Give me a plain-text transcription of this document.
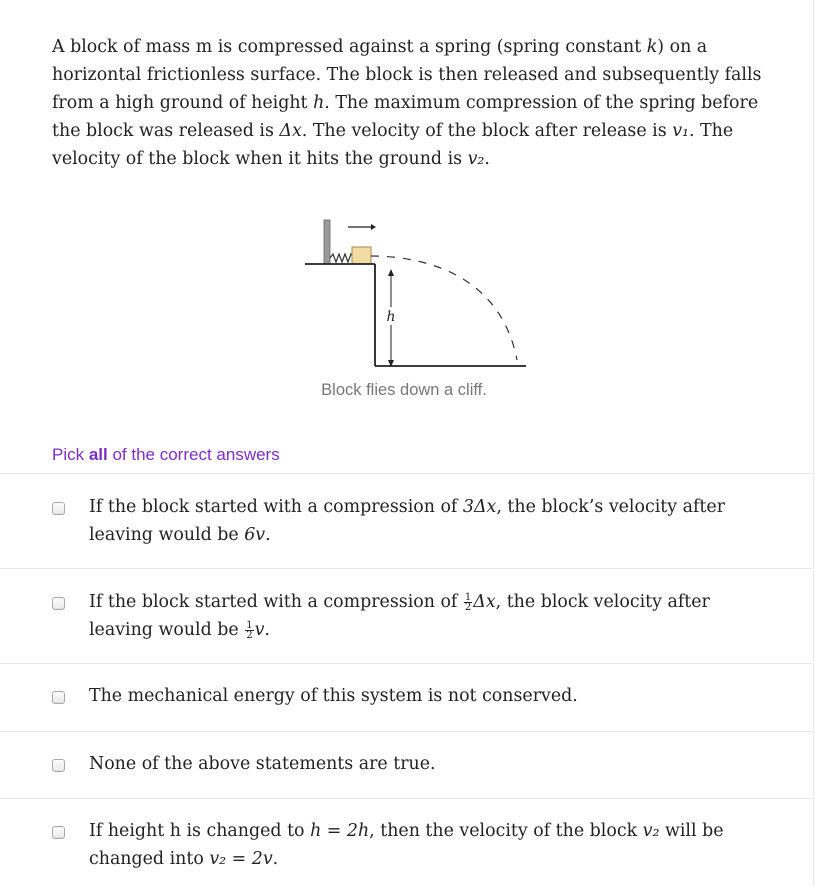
A block of mass m is compressed against a spring (spring constant k) on a horizontal frictionless surface. The block is then released and subsequently falls from a high ground of height h. The maximum compression of the spring before the block was released is Δx. The velocity of the block after release is v₁. The velocity of the block when it hits the ground is v₂.
h
Block flies down a cliff.
Pick all of the correct answers
If the block started with a compression of 3Δx, the block’s velocity after leaving would be 6v.
If the block started with a compression of $\frac{1}{2} \Delta x$, the block velocity after leaving would be $\frac{1}{2} v$.
The mechanical energy of this system is not conserved.
None of the above statements are true.
If height h is changed to h = 2h, then the velocity of the block v₂ will be changed into v₂ = 2v.
